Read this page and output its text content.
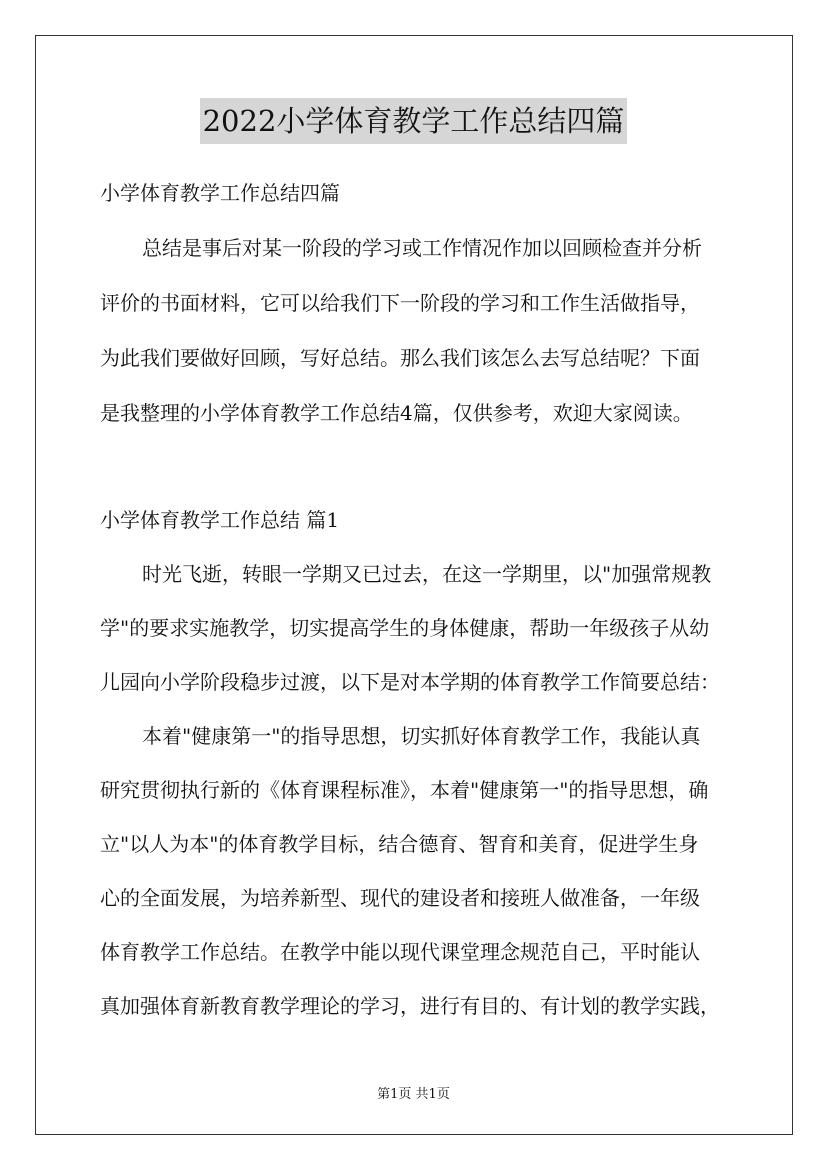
2022小学体育教学工作总结四篇
小学体育教学工作总结四篇
总结是事后对某一阶段的学习或工作情况作加以回顾检查并分析
评价的书面材料，它可以给我们下一阶段的学习和工作生活做指导，
为此我们要做好回顾，写好总结。那么我们该怎么去写总结呢？下面
是我整理的小学体育教学工作总结4篇，仅供参考，欢迎大家阅读。
小学体育教学工作总结 篇1
时光飞逝，转眼一学期又已过去，在这一学期里，以"加强常规教
学"的要求实施教学，切实提高学生的身体健康，帮助一年级孩子从幼
儿园向小学阶段稳步过渡，以下是对本学期的体育教学工作简要总结：
本着"健康第一"的指导思想，切实抓好体育教学工作，我能认真
研究贯彻执行新的《体育课程标准》，本着"健康第一"的指导思想，确
立"以人为本"的体育教学目标，结合德育、智育和美育，促进学生身
心的全面发展，为培养新型、现代的建设者和接班人做准备，一年级
体育教学工作总结。在教学中能以现代课堂理念规范自己，平时能认
真加强体育新教育教学理论的学习，进行有目的、有计划的教学实践，
第1页 共1页
